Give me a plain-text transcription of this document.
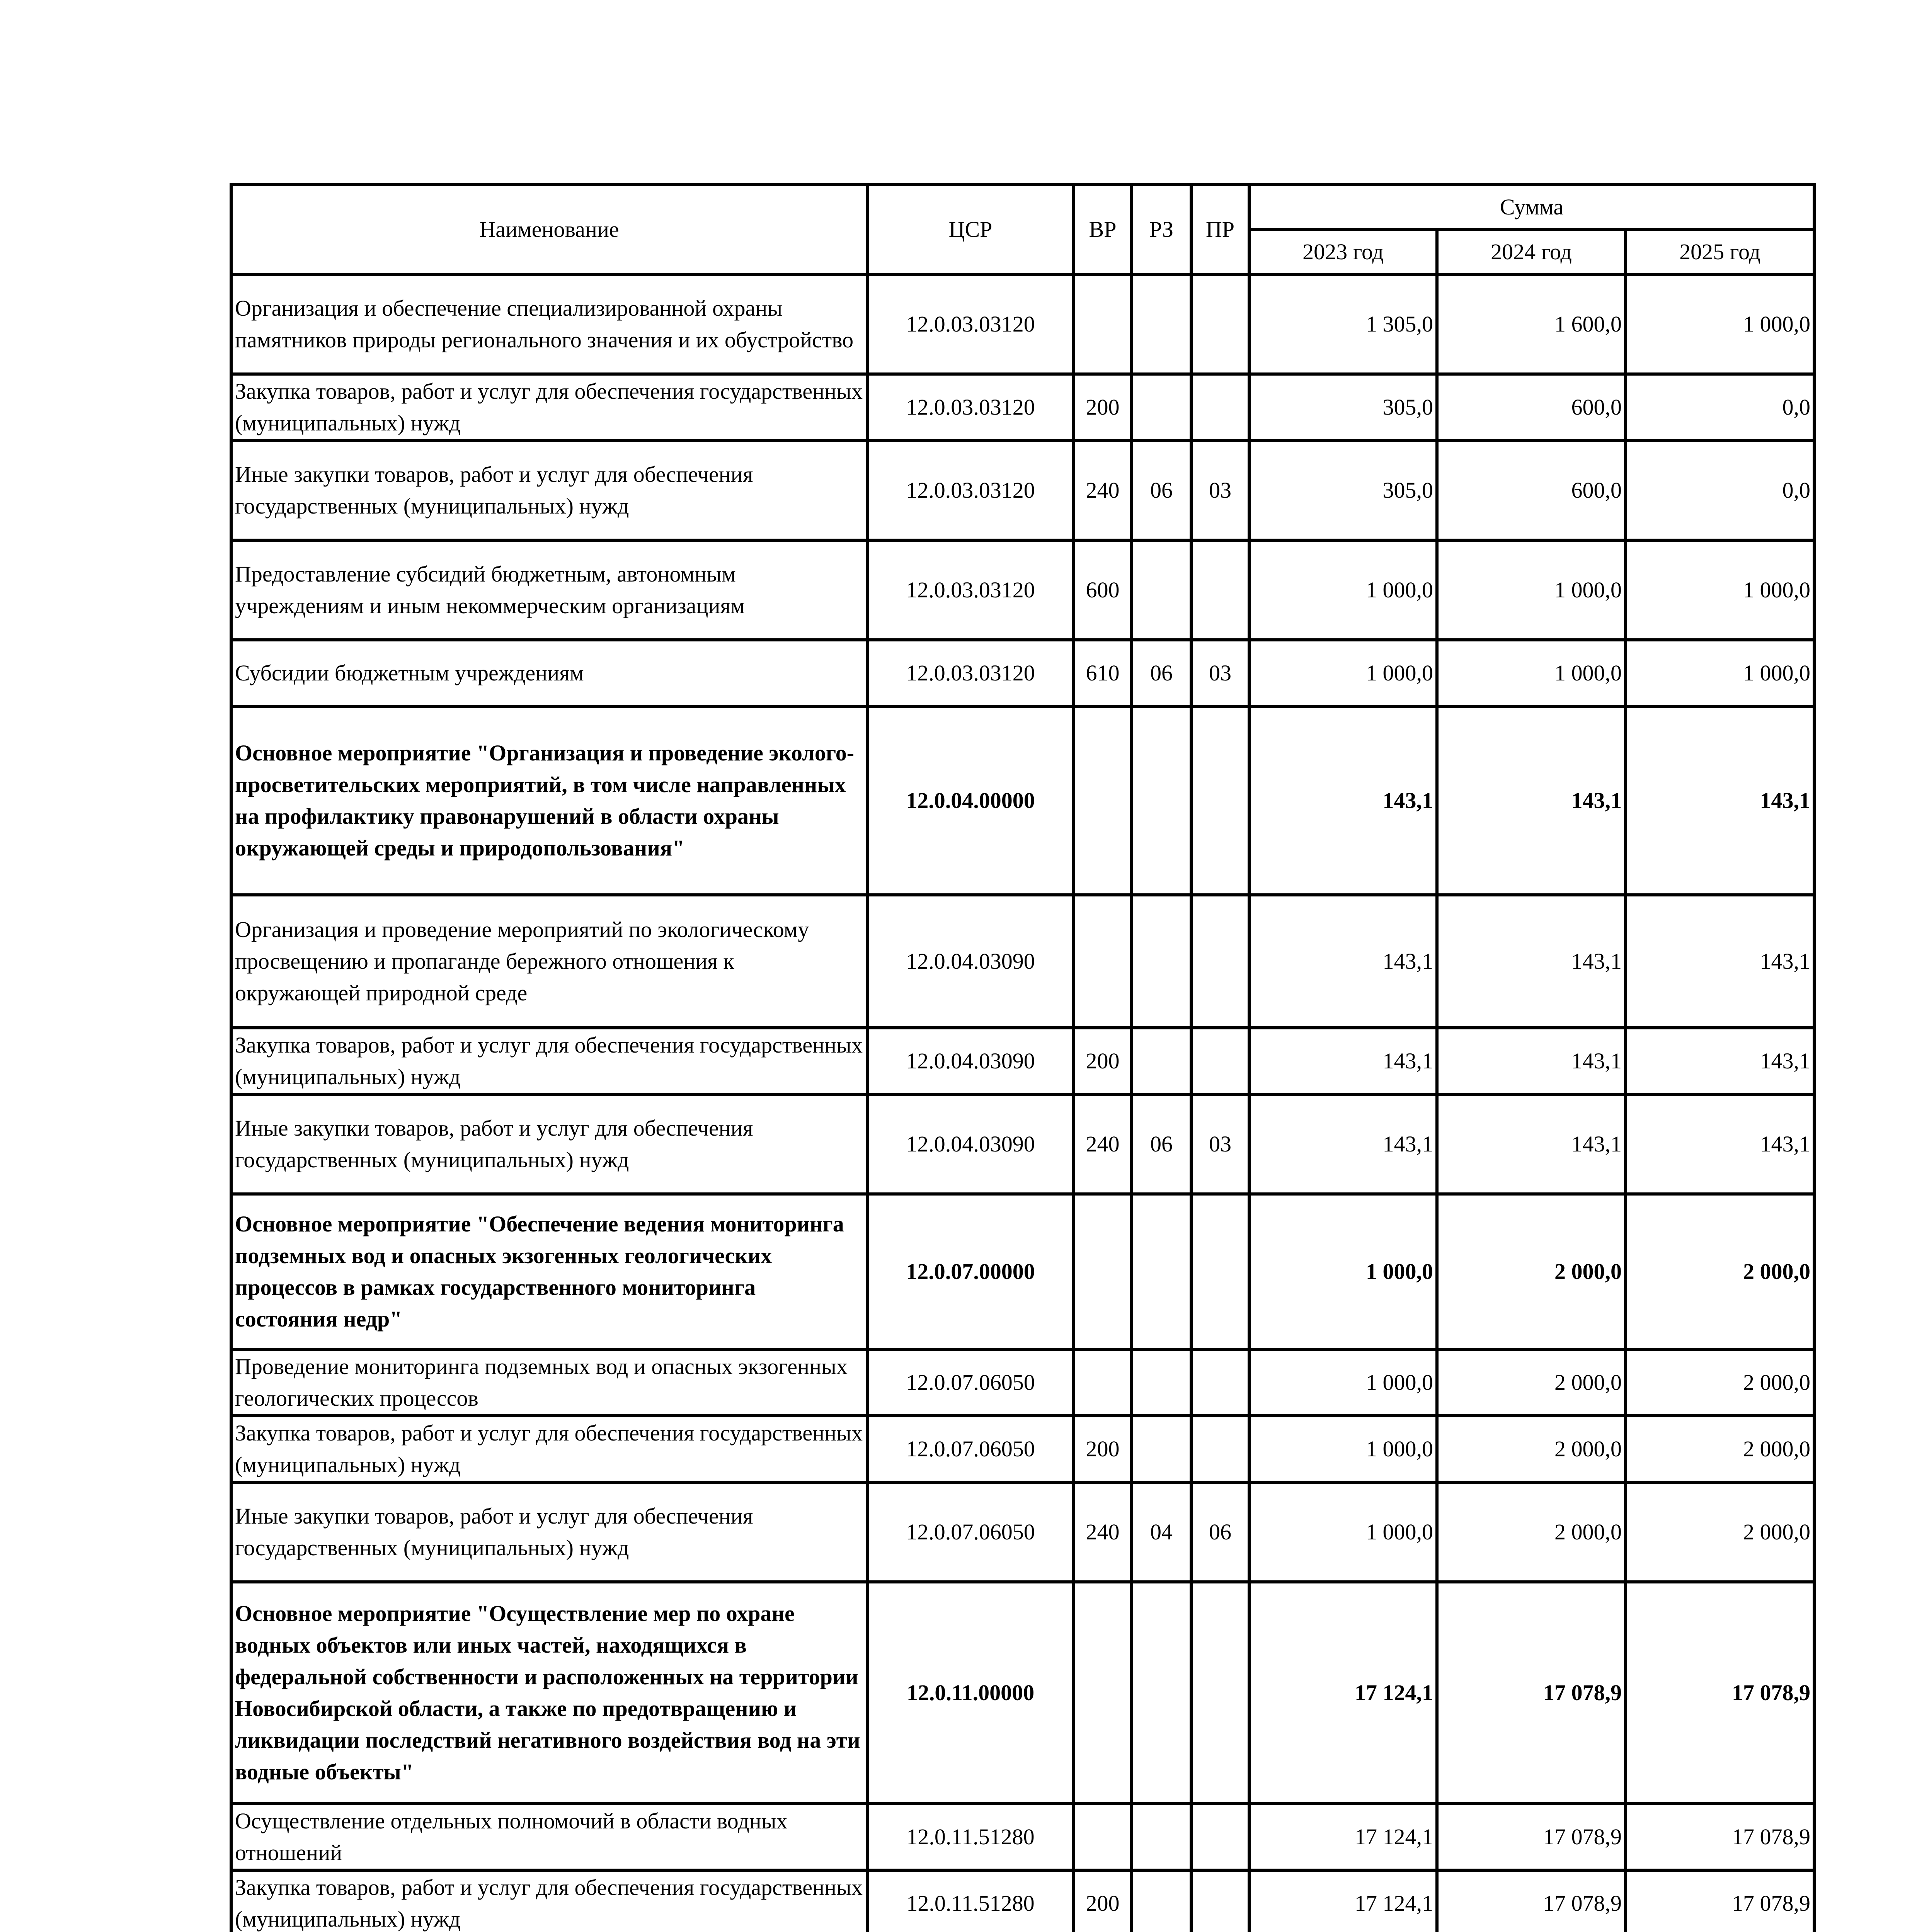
Наименование	ЦСР	ВР	РЗ	ПР	Сумма		
					2023 год	2024 год	2025 год
Организация и обеспечение специализированной охраны памятников природы регионального значения и их обустройство	12.0.03.03120				1 305,0	1 600,0	1 000,0
Закупка товаров, работ и услуг для обеспечения государственных (муниципальных) нужд	12.0.03.03120	200			305,0	600,0	0,0
Иные закупки товаров, работ и услуг для обеспечения государственных (муниципальных) нужд	12.0.03.03120	240	06	03	305,0	600,0	0,0
Предоставление субсидий бюджетным, автономным учреждениям и иным некоммерческим организациям	12.0.03.03120	600			1 000,0	1 000,0	1 000,0
Субсидии бюджетным учреждениям	12.0.03.03120	610	06	03	1 000,0	1 000,0	1 000,0
Основное мероприятие "Организация и проведение эколого-просветительских мероприятий, в том числе направленных на профилактику правонарушений в области охраны окружающей среды и природопользования"	12.0.04.00000				143,1	143,1	143,1
Организация и проведение мероприятий по экологическому просвещению и пропаганде бережного отношения к окружающей природной среде	12.0.04.03090				143,1	143,1	143,1
Закупка товаров, работ и услуг для обеспечения государственных (муниципальных) нужд	12.0.04.03090	200			143,1	143,1	143,1
Иные закупки товаров, работ и услуг для обеспечения государственных (муниципальных) нужд	12.0.04.03090	240	06	03	143,1	143,1	143,1
Основное мероприятие "Обеспечение ведения мониторинга подземных вод и опасных экзогенных геологических процессов в рамках государственного мониторинга состояния недр"	12.0.07.00000				1 000,0	2 000,0	2 000,0
Проведение мониторинга подземных вод и опасных экзогенных геологических процессов	12.0.07.06050				1 000,0	2 000,0	2 000,0
Закупка товаров, работ и услуг для обеспечения государственных (муниципальных) нужд	12.0.07.06050	200			1 000,0	2 000,0	2 000,0
Иные закупки товаров, работ и услуг для обеспечения государственных (муниципальных) нужд	12.0.07.06050	240	04	06	1 000,0	2 000,0	2 000,0
Основное мероприятие "Осуществление мер по охране водных объектов или иных частей, находящихся в федеральной собственности и расположенных на территории Новосибирской области, а также по предотвращению и ликвидации последствий негативного воздействия вод на эти водные объекты"	12.0.11.00000				17 124,1	17 078,9	17 078,9
Осуществление отдельных полномочий в области водных отношений	12.0.11.51280				17 124,1	17 078,9	17 078,9
Закупка товаров, работ и услуг для обеспечения государственных (муниципальных) нужд	12.0.11.51280	200			17 124,1	17 078,9	17 078,9
